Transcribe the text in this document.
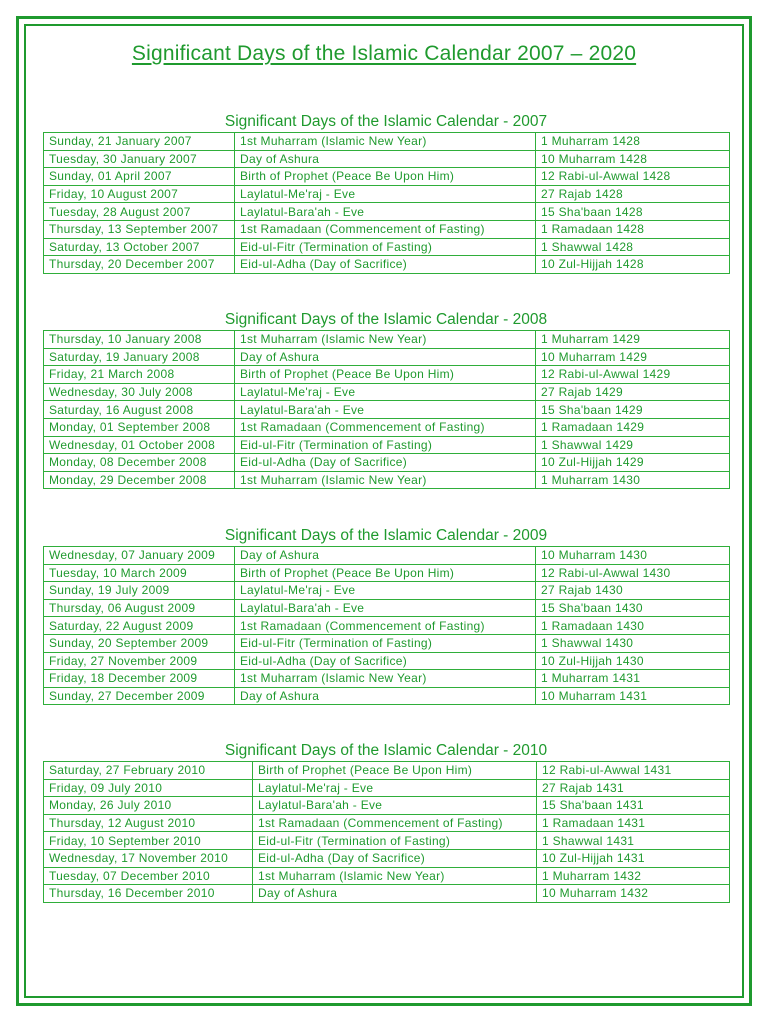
Significant Days of the Islamic Calendar 2007 – 2020
Significant Days of the Islamic Calendar - 2007
Sunday, 21 January 2007	1st Muharram (Islamic New Year)	1 Muharram 1428
Tuesday, 30 January 2007	Day of Ashura	10 Muharram 1428
Sunday, 01 April 2007	Birth of Prophet (Peace Be Upon Him)	12 Rabi-ul-Awwal 1428
Friday, 10 August 2007	Laylatul-Me'raj - Eve	27 Rajab 1428
Tuesday, 28 August 2007	Laylatul-Bara'ah - Eve	15 Sha'baan 1428
Thursday, 13 September 2007	1st Ramadaan (Commencement of Fasting)	1 Ramadaan 1428
Saturday, 13 October 2007	Eid-ul-Fitr (Termination of Fasting)	1 Shawwal 1428
Thursday, 20 December 2007	Eid-ul-Adha (Day of Sacrifice)	10 Zul-Hijjah 1428
Significant Days of the Islamic Calendar - 2008
Thursday, 10 January 2008	1st Muharram (Islamic New Year)	1 Muharram 1429
Saturday, 19 January 2008	Day of Ashura	10 Muharram 1429
Friday, 21 March 2008	Birth of Prophet (Peace Be Upon Him)	12 Rabi-ul-Awwal 1429
Wednesday, 30 July 2008	Laylatul-Me'raj - Eve	27 Rajab 1429
Saturday, 16 August 2008	Laylatul-Bara'ah - Eve	15 Sha'baan 1429
Monday, 01 September 2008	1st Ramadaan (Commencement of Fasting)	1 Ramadaan 1429
Wednesday, 01 October 2008	Eid-ul-Fitr (Termination of Fasting)	1 Shawwal 1429
Monday, 08 December 2008	Eid-ul-Adha (Day of Sacrifice)	10 Zul-Hijjah 1429
Monday, 29 December 2008	1st Muharram (Islamic New Year)	1 Muharram 1430
Significant Days of the Islamic Calendar - 2009
Wednesday, 07 January 2009	Day of Ashura	10 Muharram 1430
Tuesday, 10 March 2009	Birth of Prophet (Peace Be Upon Him)	12 Rabi-ul-Awwal 1430
Sunday, 19 July 2009	Laylatul-Me'raj - Eve	27 Rajab 1430
Thursday, 06 August 2009	Laylatul-Bara'ah - Eve	15 Sha'baan 1430
Saturday, 22 August 2009	1st Ramadaan (Commencement of Fasting)	1 Ramadaan 1430
Sunday, 20 September 2009	Eid-ul-Fitr (Termination of Fasting)	1 Shawwal 1430
Friday, 27 November 2009	Eid-ul-Adha (Day of Sacrifice)	10 Zul-Hijjah 1430
Friday, 18 December 2009	1st Muharram (Islamic New Year)	1 Muharram 1431
Sunday, 27 December 2009	Day of Ashura	10 Muharram 1431
Significant Days of the Islamic Calendar - 2010
Saturday, 27 February 2010	Birth of Prophet (Peace Be Upon Him)	12 Rabi-ul-Awwal 1431
Friday, 09 July 2010	Laylatul-Me'raj - Eve	27 Rajab 1431
Monday, 26 July 2010	Laylatul-Bara'ah - Eve	15 Sha'baan 1431
Thursday, 12 August 2010	1st Ramadaan (Commencement of Fasting)	1 Ramadaan 1431
Friday, 10 September 2010	Eid-ul-Fitr (Termination of Fasting)	1 Shawwal 1431
Wednesday, 17 November 2010	Eid-ul-Adha (Day of Sacrifice)	10 Zul-Hijjah 1431
Tuesday, 07 December 2010	1st Muharram (Islamic New Year)	1 Muharram 1432
Thursday, 16 December 2010	Day of Ashura	10 Muharram 1432
